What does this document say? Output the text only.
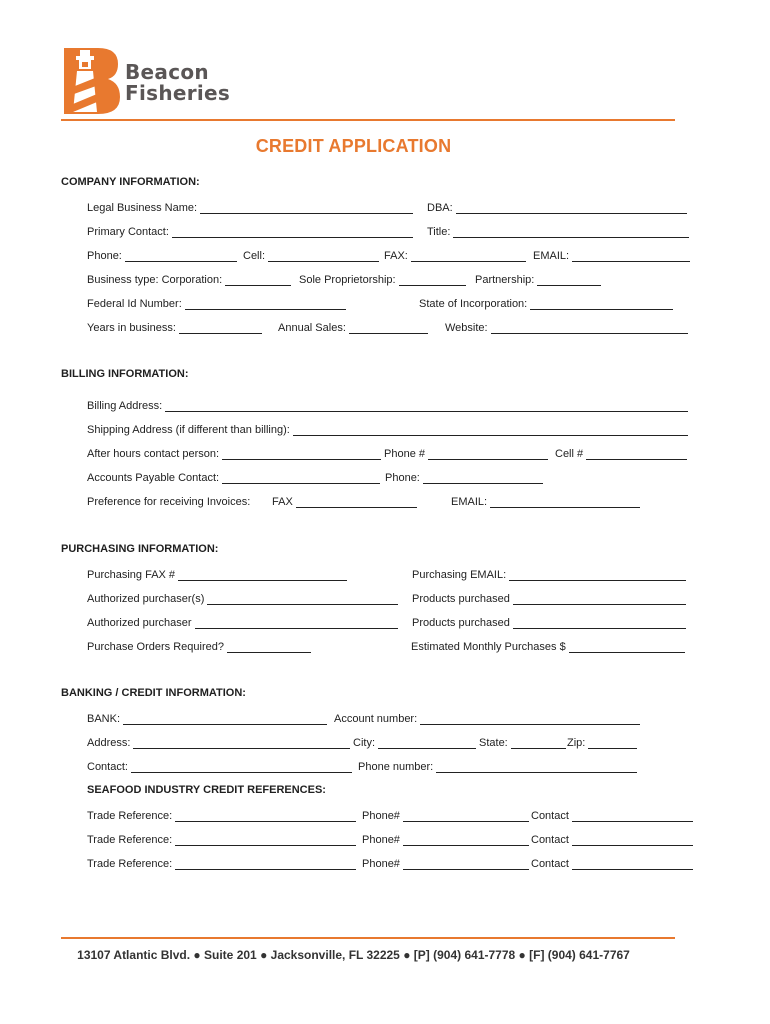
Beacon
Fisheries
CREDIT APPLICATION
COMPANY INFORMATION:
Legal Business Name:	DBA:
Primary Contact:	Title:
Phone:	Cell:	FAX:	EMAIL:
Business type: Corporation:	Sole Proprietorship:	Partnership:
Federal Id Number:	State of Incorporation:
Years in business:	Annual Sales:	Website:
BILLING INFORMATION:
Billing Address:
Shipping Address (if different than billing):
After hours contact person:	Phone #	Cell #
Accounts Payable Contact:	Phone:
Preference for receiving Invoices: FAX	EMAIL:
PURCHASING INFORMATION:
Purchasing FAX #	Purchasing EMAIL:
Authorized purchaser(s)	Products purchased
Authorized purchaser	Products purchased
Purchase Orders Required?	Estimated Monthly Purchases $
BANKING / CREDIT INFORMATION:
BANK:	Account number:
Address:	City:	State:	Zip:
Contact:	Phone number:
SEAFOOD INDUSTRY CREDIT REFERENCES:
Trade Reference:	Phone#	Contact
Trade Reference:	Phone#	Contact
Trade Reference:	Phone#	Contact
13107 Atlantic Blvd. ● Suite 201 ● Jacksonville, FL 32225 ● [P] (904) 641-7778 ● [F] (904) 641-7767
